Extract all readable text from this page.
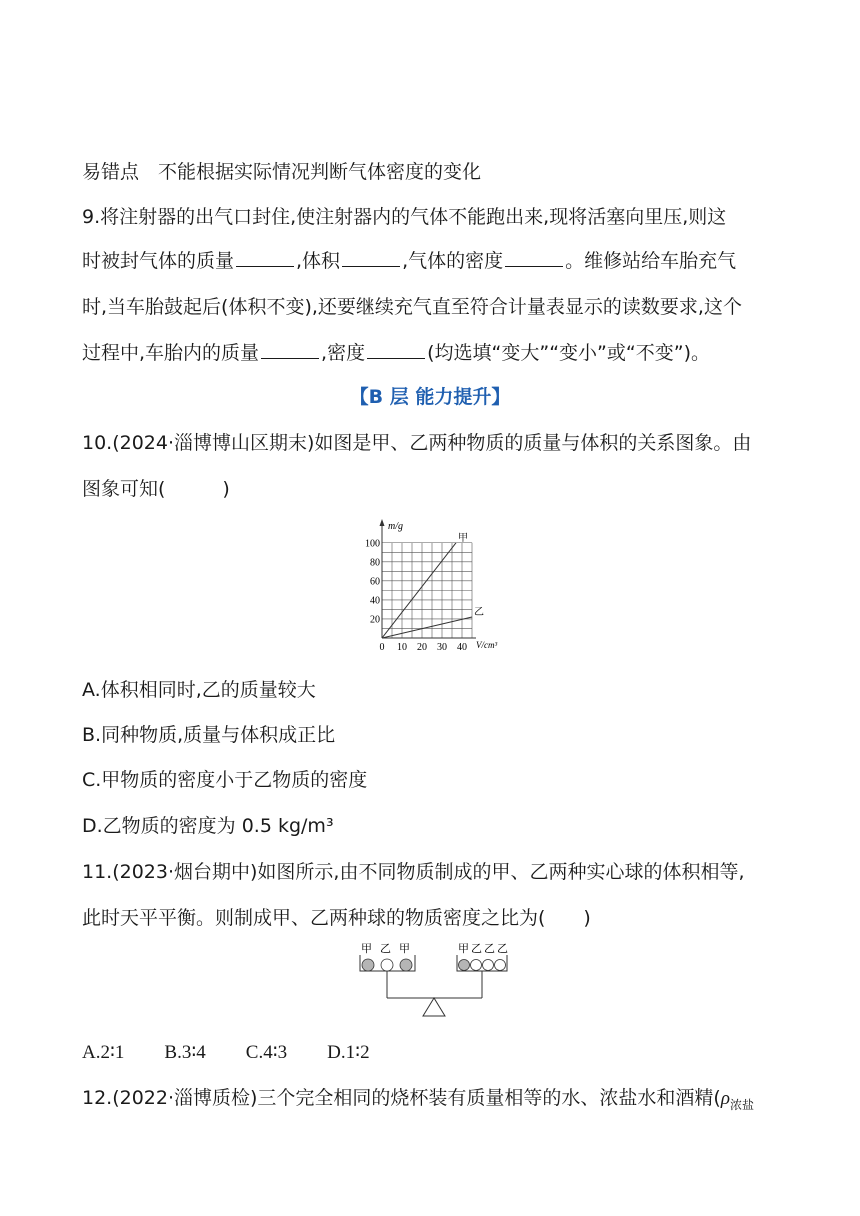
易错点　不能根据实际情况判断气体密度的变化
9.将注射器的出气口封住,使注射器内的气体不能跑出来,现将活塞向里压,则这
时被封气体的质量	,体积	,气体的密度	。维修站给车胎充气
时,当车胎鼓起后(体积不变),还要继续充气直至符合计量表显示的读数要求,这个
过程中,车胎内的质量	,密度	(均选填“变大”“变小”或“不变”)。
【B 层 能力提升】
10.(2024·淄博博山区期末)如图是甲、乙两种物质的质量与体积的关系图象。由
图象可知(　　　)
m/g
V/cm³
0 10 20 30 40
20
40
60
80
100	甲
乙
A.体积相同时,乙的质量较大
B.同种物质,质量与体积成正比
C.甲物质的密度小于乙物质的密度
D.乙物质的密度为 0.5 kg/m³
11.(2023·烟台期中)如图所示,由不同物质制成的甲、乙两种实心球的体积相等,
此时天平平衡。则制成甲、乙两种球的物质密度之比为(　　)
甲 乙 甲	甲 乙 乙 乙
A.2∶1 B.3∶4 C.4∶3 D.1∶2
12.(2022·淄博质检)三个完全相同的烧杯装有质量相等的水、浓盐水和酒精($\rho_{浓盐}$
